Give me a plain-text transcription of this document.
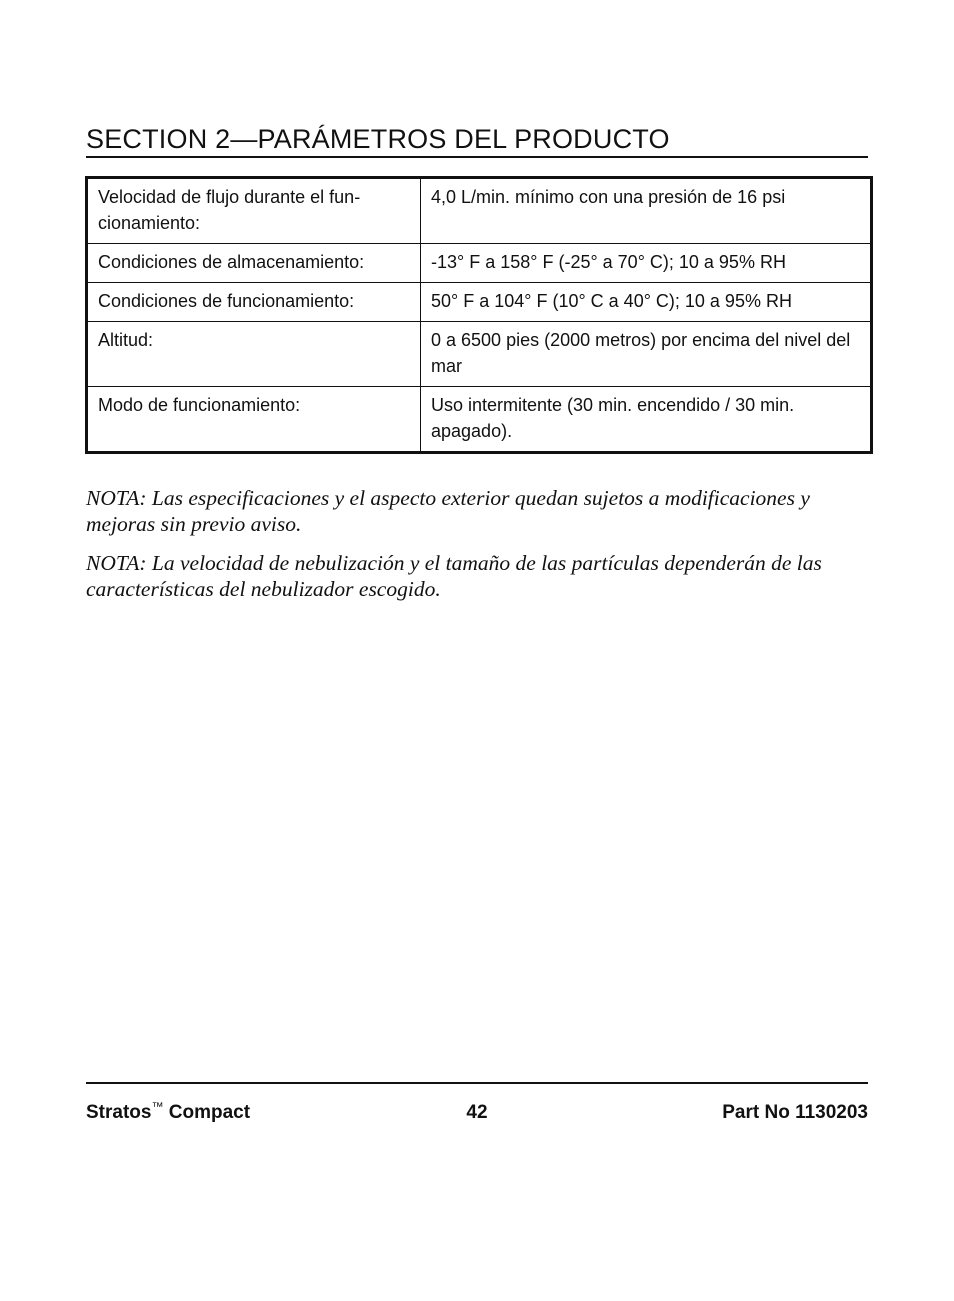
SECTION 2—PARÁMETROS DEL PRODUCTO
Velocidad de flujo durante el fun-
cionamiento:	4,0 L/min. mínimo con una presión de 16 psi
Condiciones de almacenamiento:	-13° F a 158° F (-25° a 70° C); 10 a 95% RH
Condiciones de funcionamiento:	50° F a 104° F (10° C a 40° C); 10 a 95% RH
Altitud:	0 a 6500 pies (2000 metros) por encima del nivel del mar
Modo de funcionamiento:	Uso intermitente (30 min. encendido / 30 min. apagado).

NOTA: Las especificaciones y el aspecto exterior quedan sujetos a modificaciones y mejoras sin previo aviso.

NOTA: La velocidad de nebulización y el tamaño de las partículas dependerán de las características del nebulizador escogido.

Stratos™ Compact	42	Part No 1130203
